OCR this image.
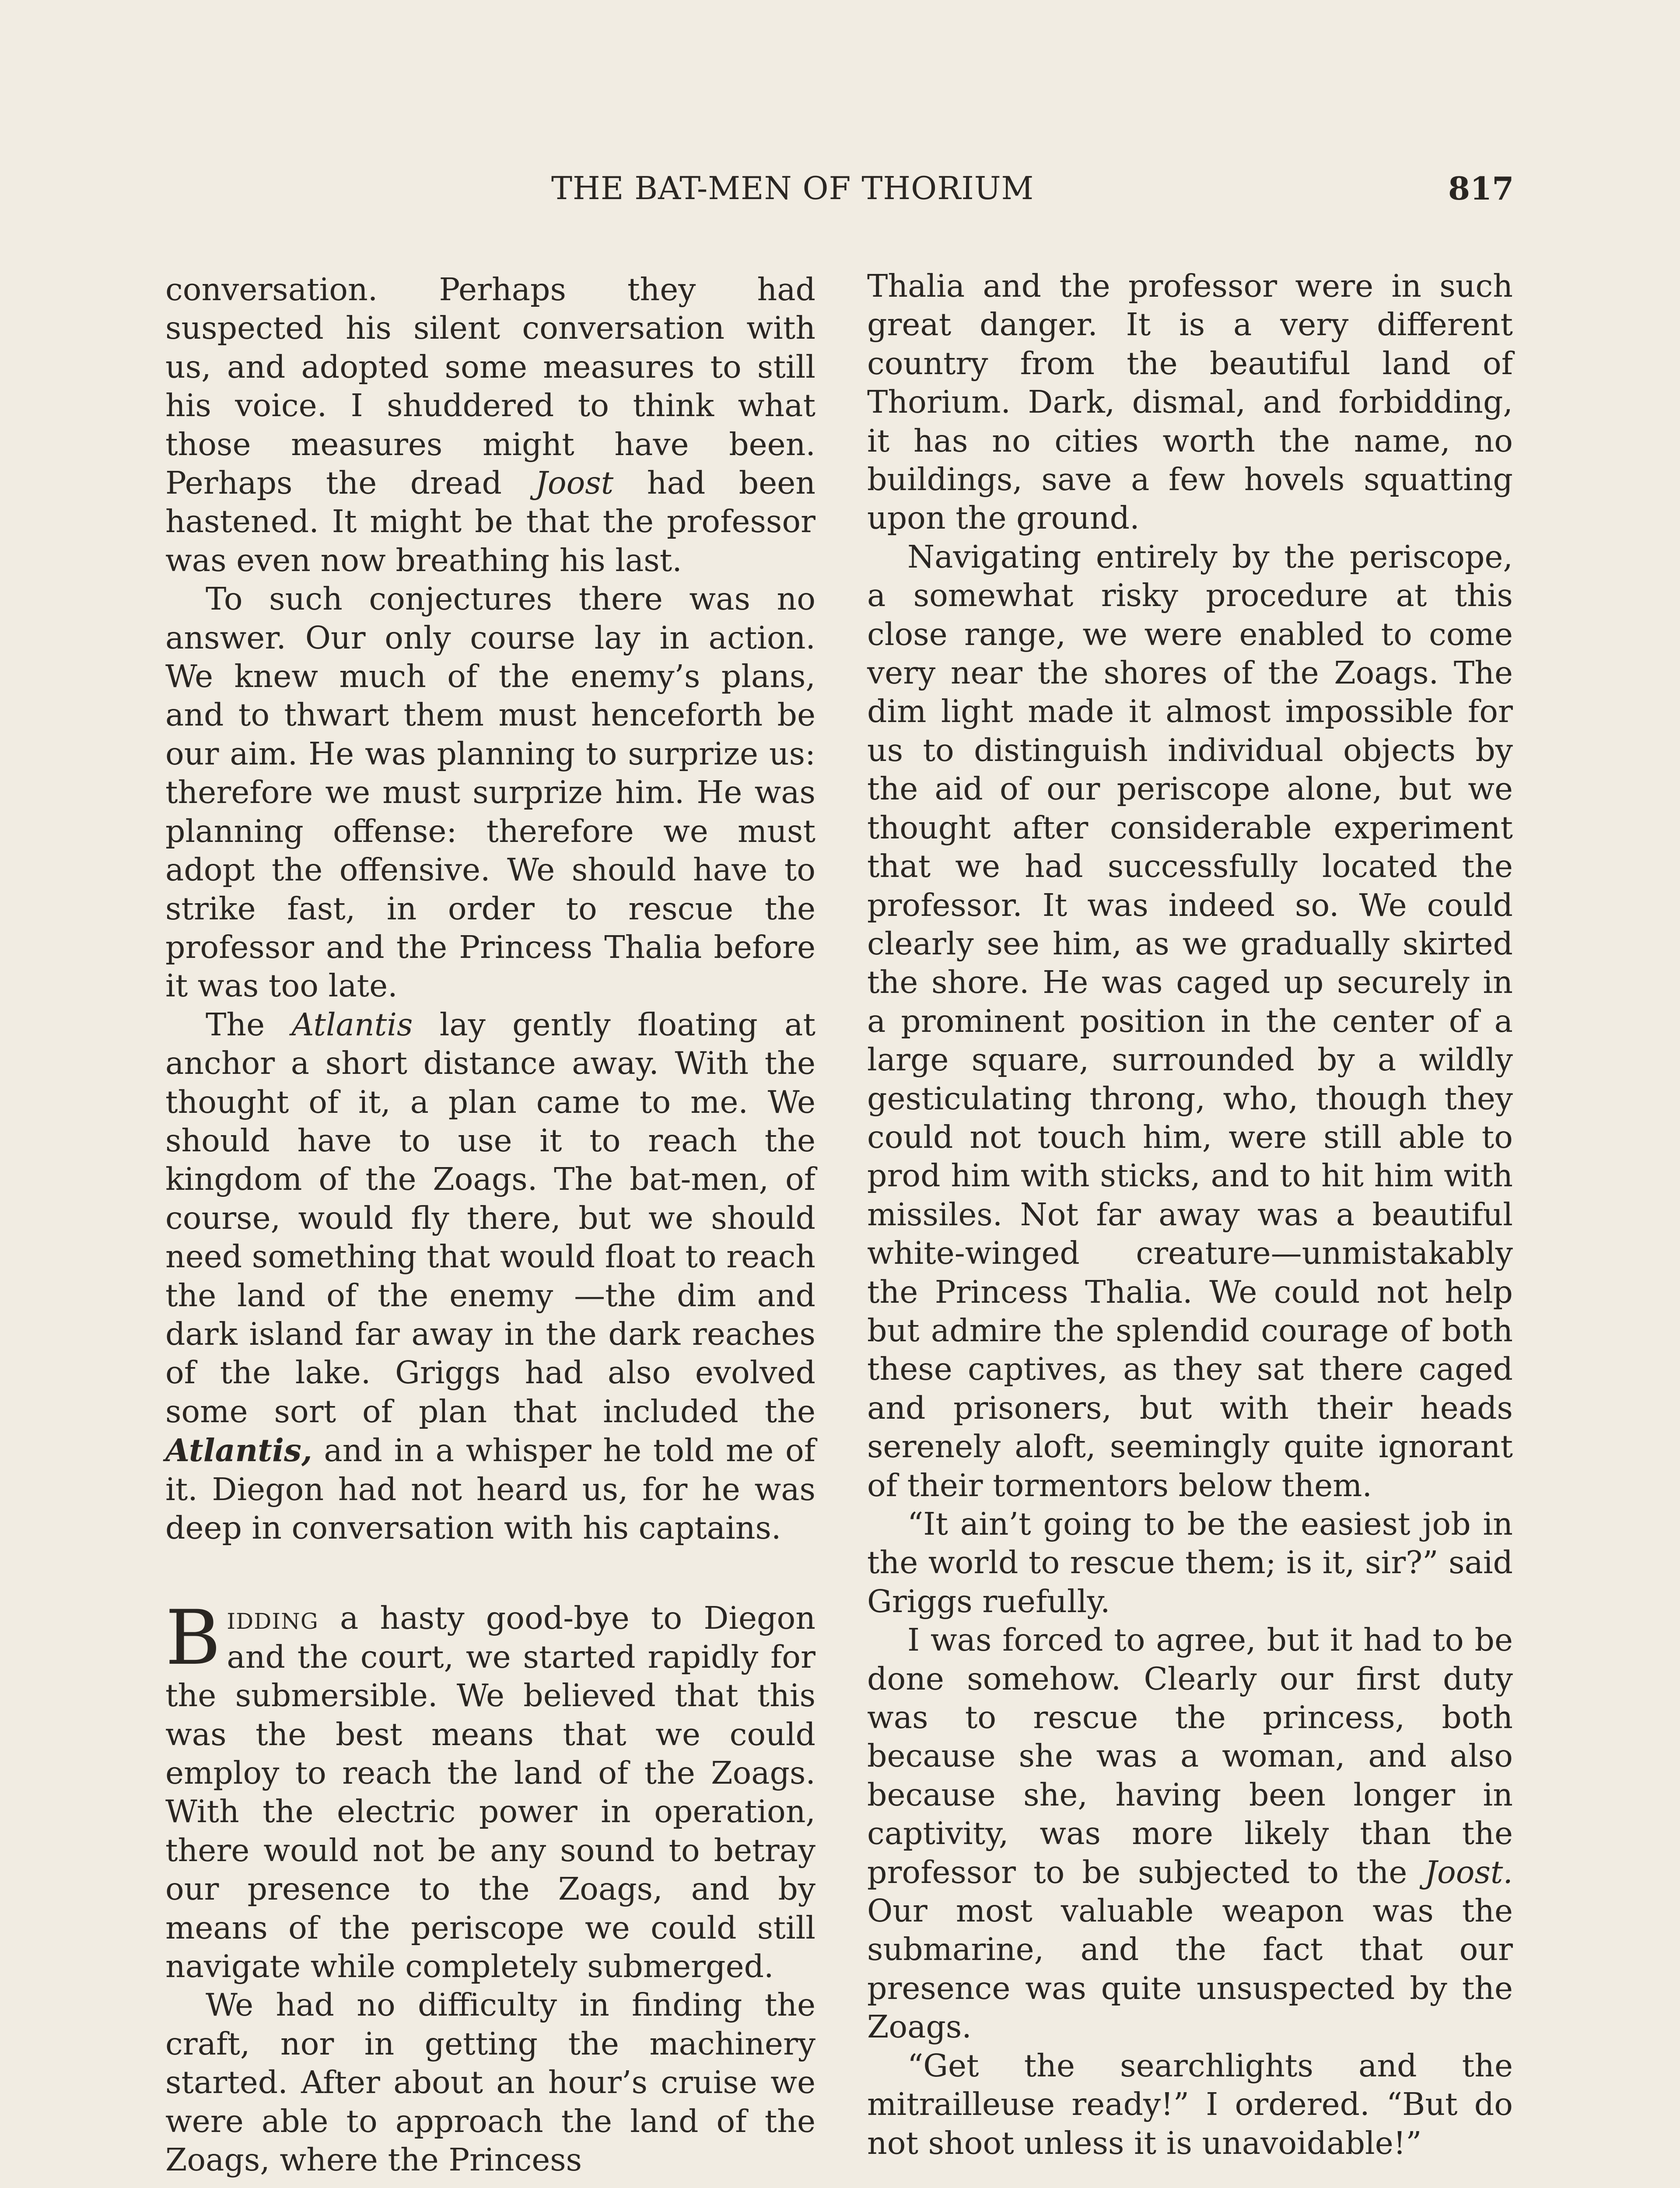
THE BAT-MEN OF THORIUM	817

conversation. Perhaps they had suspected his silent conversation with us, and adopted some measures to still his voice. I shuddered to think what those measures might have been. Perhaps the dread Joost had been hastened. It might be that the professor was even now breathing his last.

To such conjectures there was no answer. Our only course lay in action. We knew much of the enemy’s plans, and to thwart them must henceforth be our aim. He was planning to surprize us: therefore we must surprize him. He was planning offense: therefore we must adopt the offensive. We should have to strike fast, in order to rescue the professor and the Princess Thalia before it was too late.

The Atlantis lay gently floating at anchor a short distance away. With the thought of it, a plan came to me. We should have to use it to reach the kingdom of the Zoags. The bat-men, of course, would fly there, but we should need something that would float to reach the land of the enemy —the dim and dark island far away in the dark reaches of the lake. Griggs had also evolved some sort of plan that included the Atlantis, and in a whisper he told me of it. Diegon had not heard us, for he was deep in conversation with his captains.

Bidding a hasty good-bye to Diegon and the court, we started rapidly for the submersible. We believed that this was the best means that we could employ to reach the land of the Zoags. With the electric power in operation, there would not be any sound to betray our presence to the Zoags, and by means of the periscope we could still navigate while completely submerged.

We had no difficulty in finding the craft, nor in getting the machinery started. After about an hour’s cruise we were able to approach the land of the Zoags, where the Princess

Thalia and the professor were in such great danger. It is a very different country from the beautiful land of Thorium. Dark, dismal, and forbidding, it has no cities worth the name, no buildings, save a few hovels squatting upon the ground.

Navigating entirely by the periscope, a somewhat risky procedure at this close range, we were enabled to come very near the shores of the Zoags. The dim light made it almost impossible for us to distinguish individual objects by the aid of our periscope alone, but we thought after considerable experiment that we had successfully located the professor. It was indeed so. We could clearly see him, as we gradually skirted the shore. He was caged up securely in a prominent position in the center of a large square, surrounded by a wildly gesticulating throng, who, though they could not touch him, were still able to prod him with sticks, and to hit him with missiles. Not far away was a beautiful white-winged creature—unmistakably the Princess Thalia. We could not help but admire the splendid courage of both these captives, as they sat there caged and prisoners, but with their heads serenely aloft, seemingly quite ignorant of their tormentors below them.

“It ain’t going to be the easiest job in the world to rescue them; is it, sir?” said Griggs ruefully.

I was forced to agree, but it had to be done somehow. Clearly our first duty was to rescue the princess, both because she was a woman, and also because she, having been longer in captivity, was more likely than the professor to be subjected to the Joost. Our most valuable weapon was the submarine, and the fact that our presence was quite unsuspected by the Zoags.

“Get the searchlights and the mitrailleuse ready!” I ordered. “But do not shoot unless it is unavoidable!”
